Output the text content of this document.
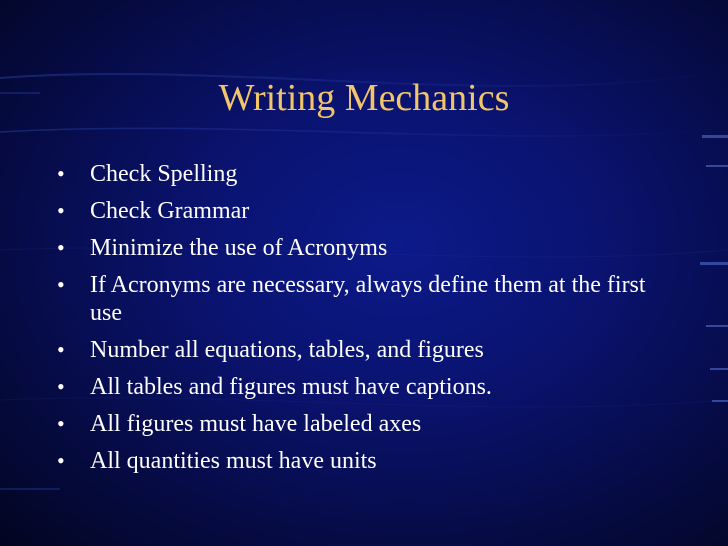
Writing Mechanics
• Check Spelling
• Check Grammar
• Minimize the use of Acronyms
• If Acronyms are necessary, always define them at the first use
• Number all equations, tables, and figures
• All tables and figures must have captions.
• All figures must have labeled axes
• All quantities must have units
